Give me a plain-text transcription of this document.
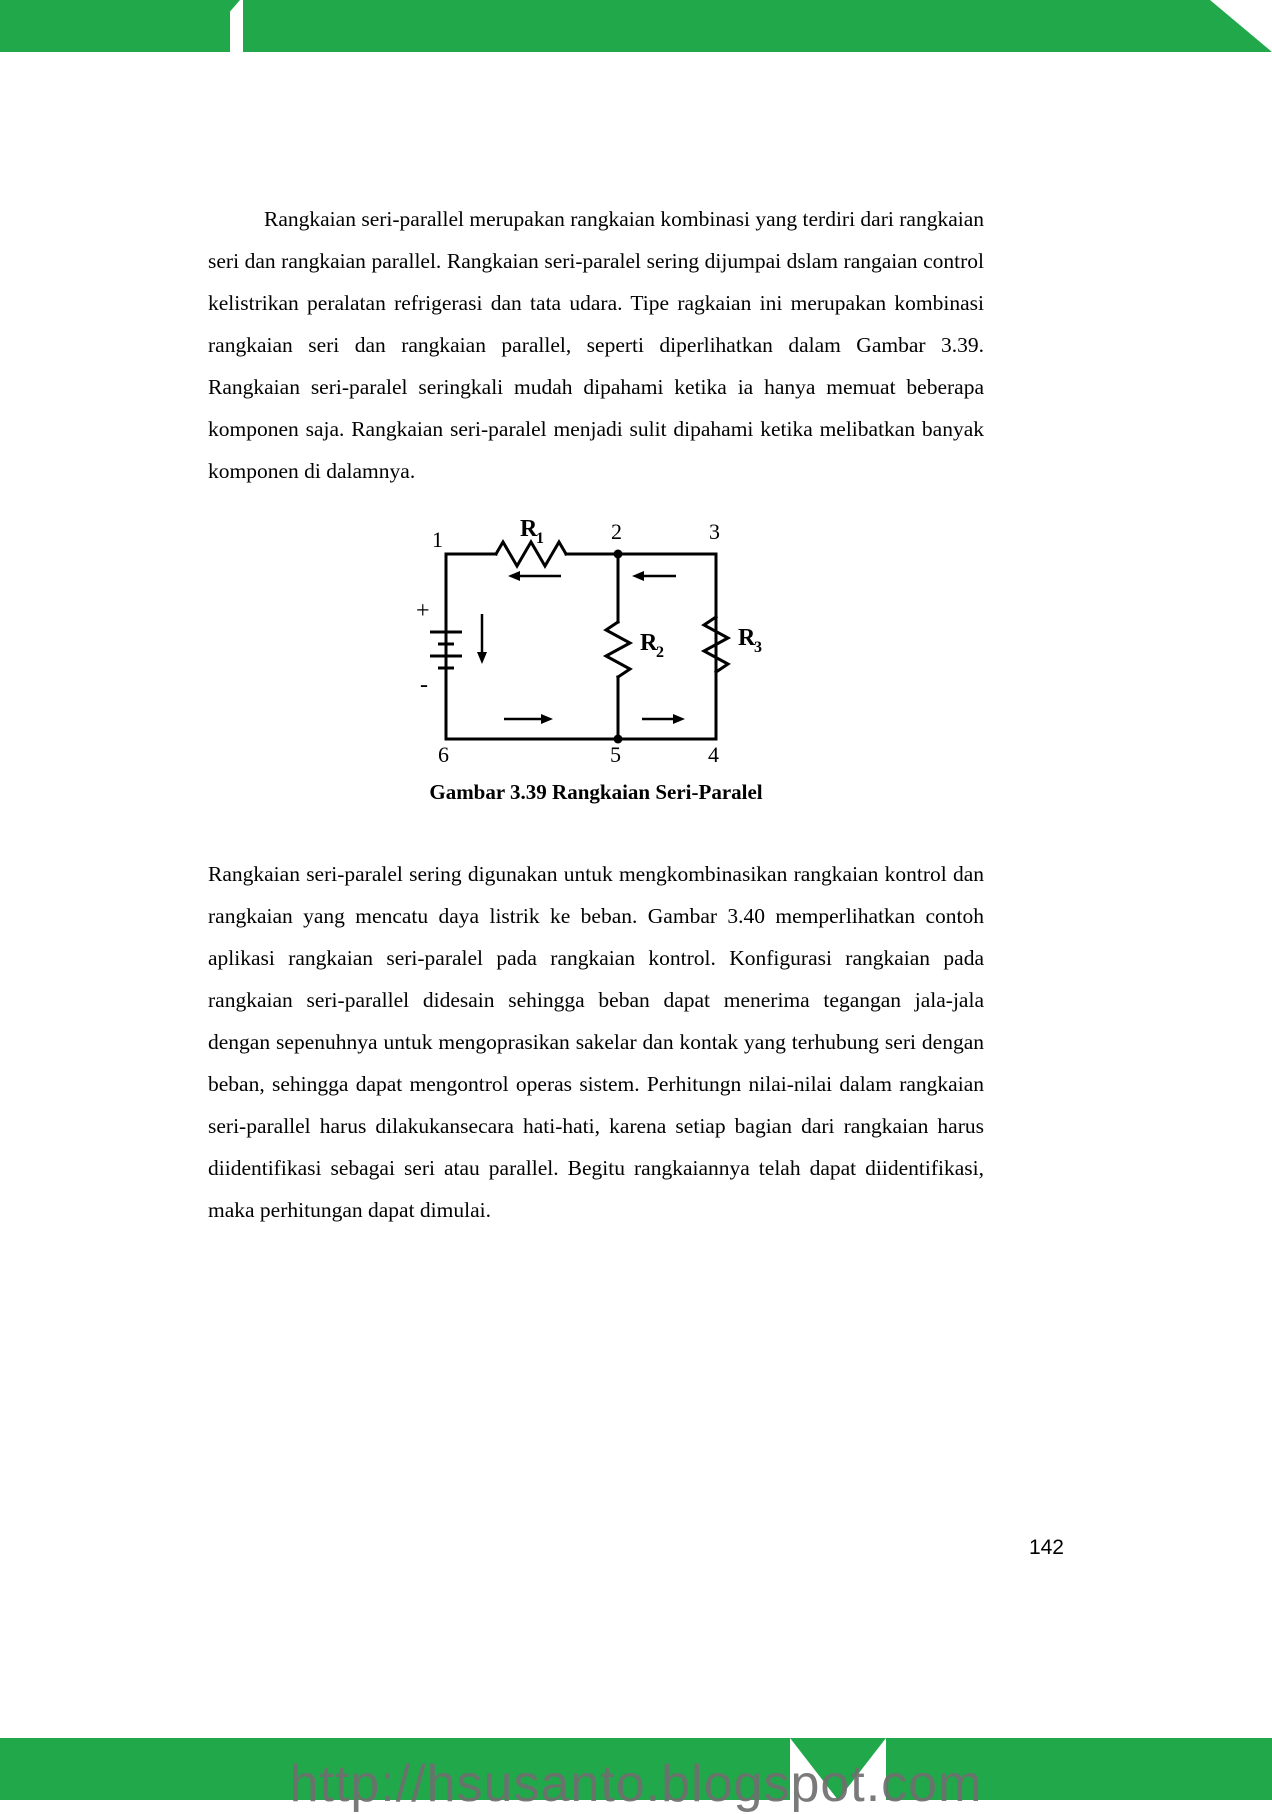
Rangkaian seri-parallel merupakan rangkaian kombinasi yang terdiri dari rangkaian seri dan rangkaian parallel. Rangkaian seri-paralel sering dijumpai dslam rangaian control kelistrikan peralatan refrigerasi dan tata udara. Tipe ragkaian ini merupakan kombinasi rangkaian seri dan rangkaian parallel, seperti diperlihatkan dalam Gambar 3.39. Rangkaian seri-paralel seringkali mudah dipahami ketika ia hanya memuat beberapa komponen saja. Rangkaian seri-paralel menjadi sulit dipahami ketika melibatkan banyak komponen di dalamnya.

1	2	3
4
5
6
R
1
R
2
R
3
+
-
Gambar 3.39 Rangkaian Seri-Paralel

Rangkaian seri-paralel sering digunakan untuk mengkombinasikan rangkaian kontrol dan rangkaian yang mencatu daya listrik ke beban. Gambar 3.40 memperlihatkan contoh aplikasi rangkaian seri-paralel pada rangkaian kontrol. Konfigurasi rangkaian pada rangkaian seri-parallel didesain sehingga beban dapat menerima tegangan jala-jala dengan sepenuhnya untuk mengoprasikan sakelar dan kontak yang terhubung seri dengan beban, sehingga dapat mengontrol operas sistem. Perhitungn nilai-nilai dalam rangkaian seri-parallel harus dilakukansecara hati-hati, karena setiap bagian dari rangkaian harus diidentifikasi sebagai seri atau parallel. Begitu rangkaiannya telah dapat diidentifikasi, maka perhitungan dapat dimulai.

142
http://hsusanto.blogspot.com
